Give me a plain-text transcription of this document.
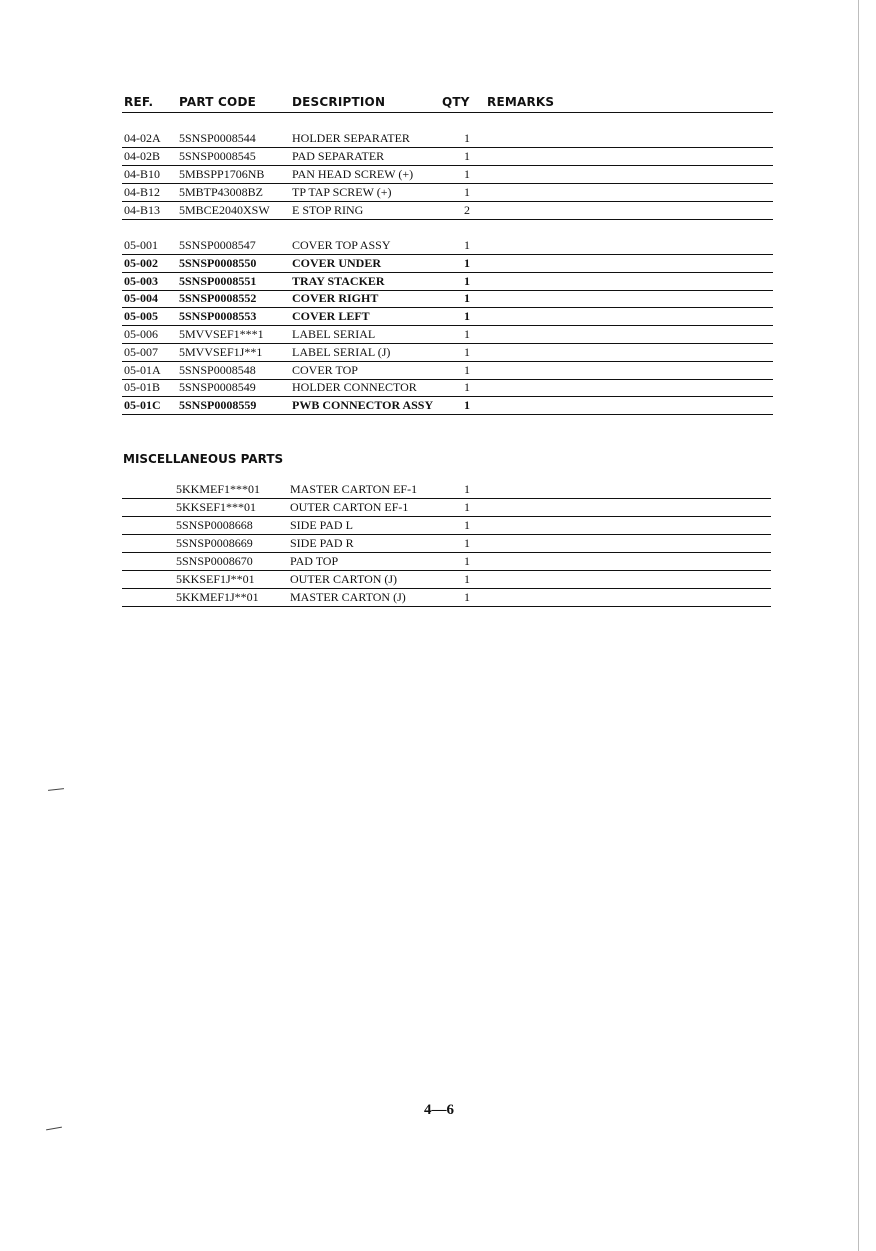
REF. PART CODE	DESCRIPTION	QTY REMARKS
04-02A 5SNSP0008544	HOLDER SEPARATER	1
04-02B 5SNSP0008545	PAD SEPARATER	1
04-B10 5MBSPP1706NB PAN HEAD SCREW (+)	1
04-B12 5MBTP43008BZ TP TAP SCREW (+)	1
04-B13 5MBCE2040XSW E STOP RING	2
05-001 5SNSP0008547	COVER TOP ASSY	1
05-002 5SNSP0008550	COVER UNDER	1
05-003 5SNSP0008551	TRAY STACKER	1
05-004 5SNSP0008552	COVER RIGHT	1
05-005 5SNSP0008553	COVER LEFT	1
05-006 5MVVSEF1***1 LABEL SERIAL	1
05-007 5MVVSEF1J**1 LABEL SERIAL (J)	1
05-01A 5SNSP0008548	COVER TOP	1
05-01B 5SNSP0008549	HOLDER CONNECTOR	1
05-01C 5SNSP0008559	PWB CONNECTOR ASSY	1
MISCELLANEOUS PARTS
5KKMEF1***01 MASTER CARTON EF-1	1
5KKSEF1***01	OUTER CARTON EF-1	1
5SNSP0008668	SIDE PAD L	1
5SNSP0008669	SIDE PAD R	1
5SNSP0008670	PAD TOP	1
5KKSEF1J**01	OUTER CARTON (J)	1
5KKMEF1J**01	MASTER CARTON (J)	1
4—6
